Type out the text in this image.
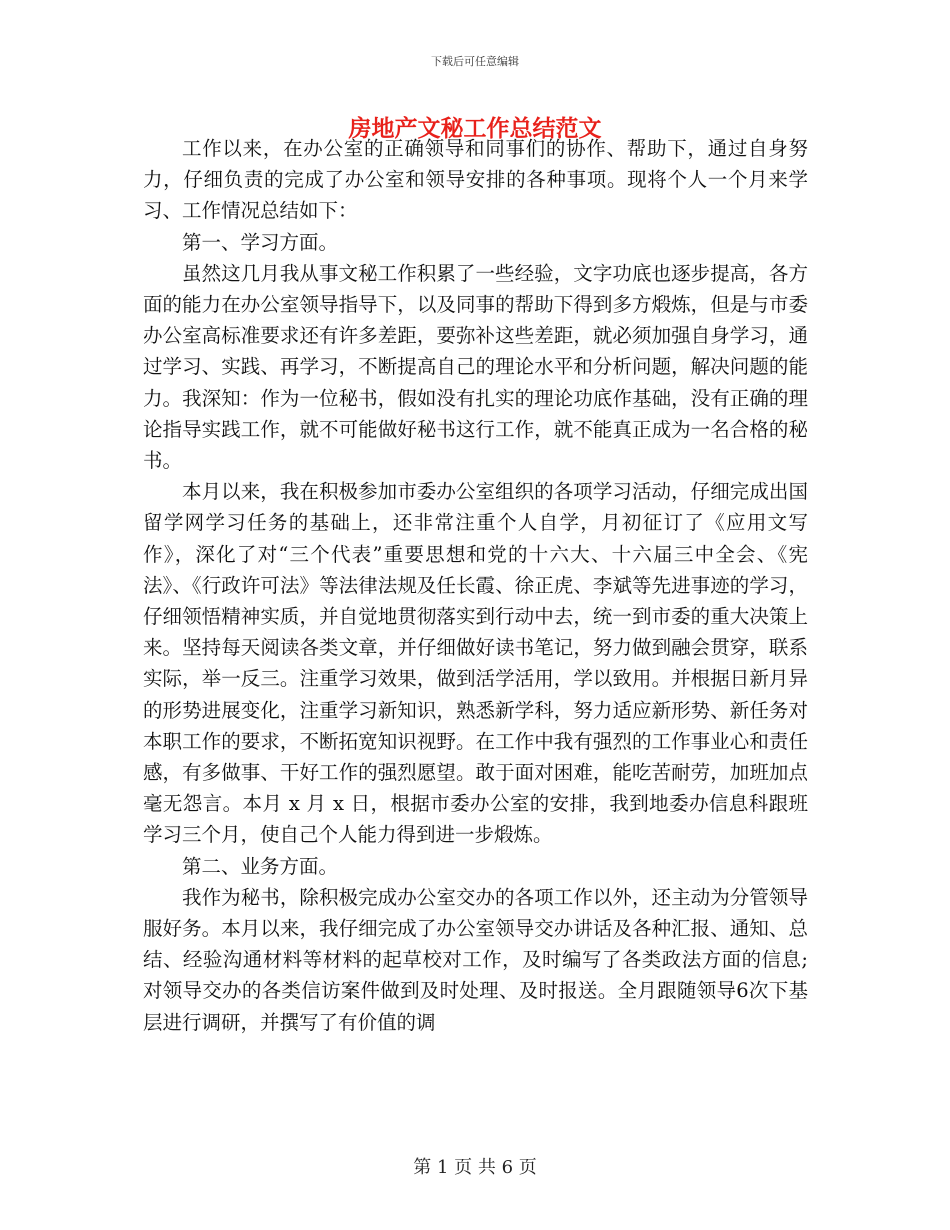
下载后可任意编辑
房地产文秘工作总结范文

工作以来，在办公室的正确领导和同事们的协作、帮助下，通过自身努力，仔细负责的完成了办公室和领导安排的各种事项。现将个人一个月来学习、工作情况总结如下：

第一、学习方面。

虽然这几月我从事文秘工作积累了一些经验，文字功底也逐步提高，各方面的能力在办公室领导指导下，以及同事的帮助下得到多方煅炼，但是与市委办公室高标准要求还有许多差距，要弥补这些差距，就必须加强自身学习，通过学习、实践、再学习，不断提高自己的理论水平和分析问题，解决问题的能力。我深知：作为一位秘书，假如没有扎实的理论功底作基础，没有正确的理论指导实践工作，就不可能做好秘书这行工作，就不能真正成为一名合格的秘书。

本月以来，我在积极参加市委办公室组织的各项学习活动，仔细完成出国留学网学习任务的基础上，还非常注重个人自学，月初征订了《应用文写作》，深化了对“三个代表”重要思想和党的十六大、十六届三中全会、《宪法》、《行政许可法》等法律法规及任长霞、徐正虎、李斌等先进事迹的学习，仔细领悟精神实质，并自觉地贯彻落实到行动中去，统一到市委的重大决策上来。坚持每天阅读各类文章，并仔细做好读书笔记，努力做到融会贯穿，联系实际，举一反三。注重学习效果，做到活学活用，学以致用。并根据日新月异的形势进展变化，注重学习新知识，熟悉新学科，努力适应新形势、新任务对本职工作的要求，不断拓宽知识视野。在工作中我有强烈的工作事业心和责任感，有多做事、干好工作的强烈愿望。敢于面对困难，能吃苦耐劳，加班加点毫无怨言。本月 x 月 x 日，根据市委办公室的安排，我到地委办信息科跟班学习三个月，使自己个人能力得到进一步煅炼。

第二、业务方面。

我作为秘书，除积极完成办公室交办的各项工作以外，还主动为分管领导服好务。本月以来，我仔细完成了办公室领导交办讲话及各种汇报、通知、总结、经验沟通材料等材料的起草校对工作，及时编写了各类政法方面的信息;对领导交办的各类信访案件做到及时处理、及时报送。全月跟随领导6次下基层进行调研，并撰写了有价值的调

第 1 页 共 6 页
